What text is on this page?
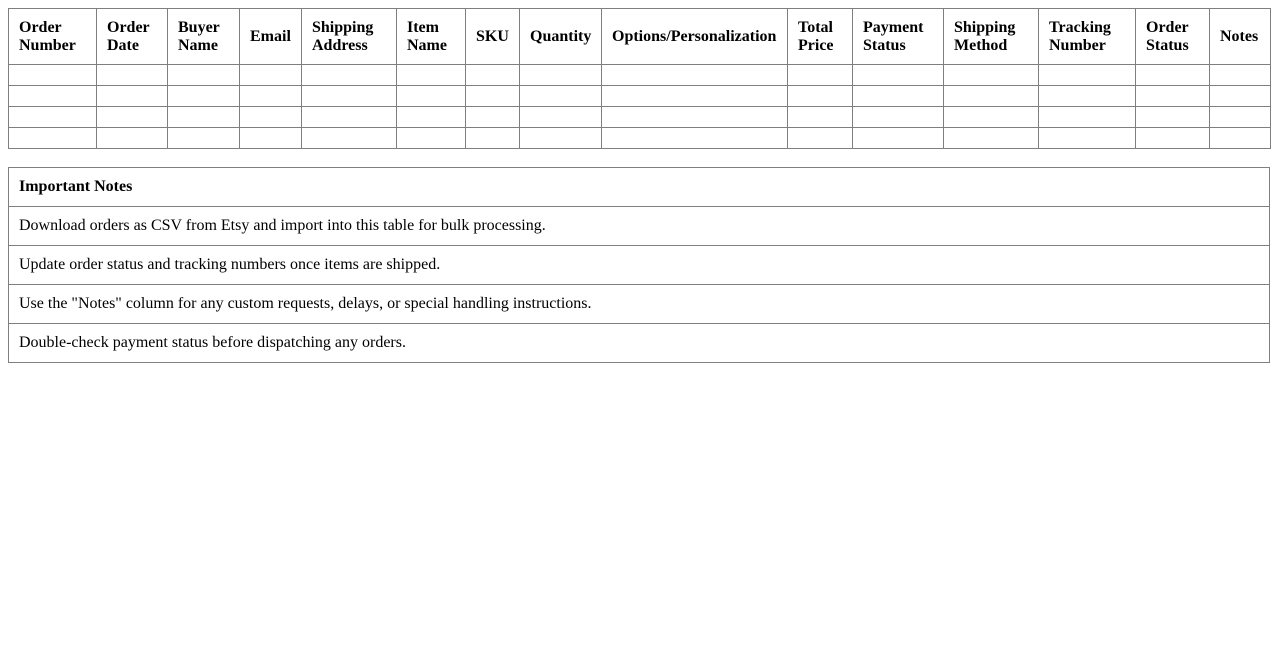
Order Number	Order Date	Buyer Name	Email	Shipping Address	Item Name	SKU	Quantity	Options/Personalization	Total Price	Payment Status	Shipping Method	Tracking Number	Order Status	Notes

Important Notes
Download orders as CSV from Etsy and import into this table for bulk processing.
Update order status and tracking numbers once items are shipped.
Use the "Notes" column for any custom requests, delays, or special handling instructions.
Double-check payment status before dispatching any orders.
